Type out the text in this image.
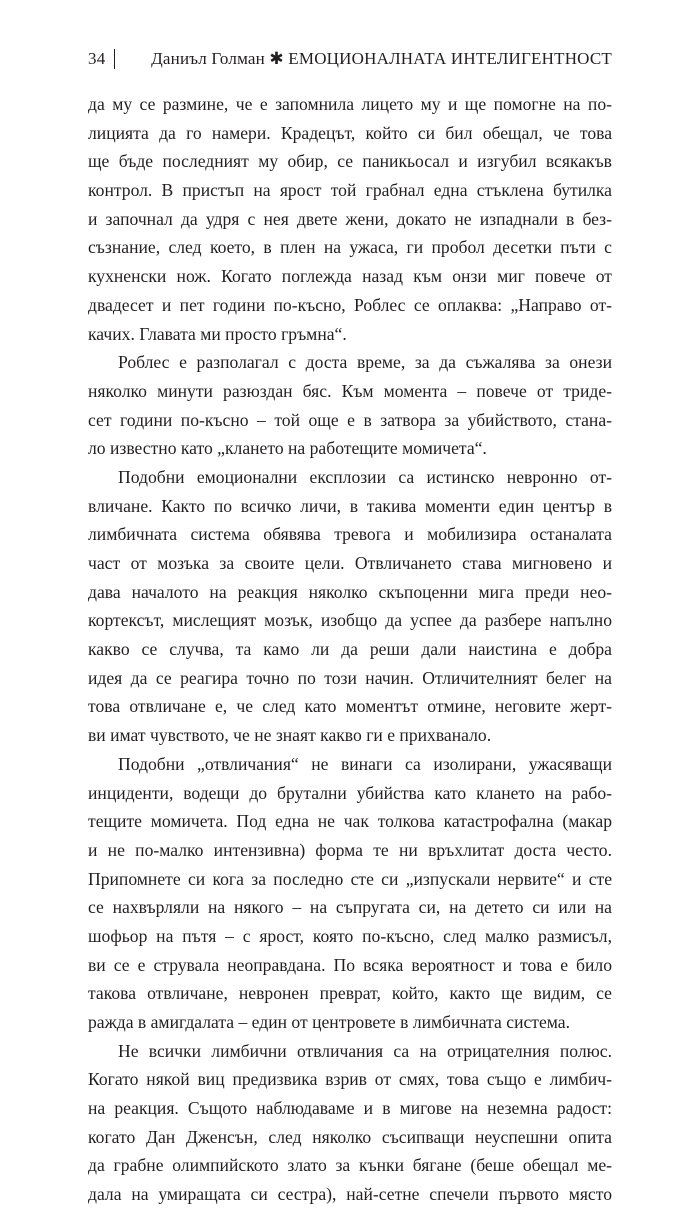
34	Даниъл Голман ✱ ЕМОЦИОНАЛНАТА ИНТЕЛИГЕНТНОСТ
да му се размине, че е запомнила лицето му и ще помогне на по-
лицията да го намери. Крадецът, който си бил обещал, че това
ще бъде последният му обир, се паникьосал и изгубил всякакъв
контрол. В пристъп на ярост той грабнал една стъклена бутилка
и започнал да удря с нея двете жени, докато не изпаднали в без-
съзнание, след което, в плен на ужаса, ги пробол десетки пъти с
кухненски нож. Когато поглежда назад към онзи миг повече от
двадесет и пет години по-късно, Роблес се оплаква: „Направо от-
качих. Главата ми просто гръмна“.
Роблес е разполагал с доста време, за да съжалява за онези
няколко минути разюздан бяс. Към момента – повече от триде-
сет години по-късно – той още е в затвора за убийството, стана-
ло известно като „клането на работещите момичета“.
Подобни емоционални експлозии са истинско невронно от-
вличане. Както по всичко личи, в такива моменти един център в
лимбичната система обявява тревога и мобилизира останалата
част от мозъка за своите цели. Отвличането става мигновено и
дава началото на реакция няколко скъпоценни мига преди нео-
кортексът, мислещият мозък, изобщо да успее да разбере напълно
какво се случва, та камо ли да реши дали наистина е добра
идея да се реагира точно по този начин. Отличителният белег на
това отвличане е, че след като моментът отмине, неговите жерт-
ви имат чувството, че не знаят какво ги е прихванало.
Подобни „отвличания“ не винаги са изолирани, ужасяващи
инциденти, водещи до брутални убийства като клането на рабо-
тещите момичета. Под една не чак толкова катастрофална (макар
и не по-малко интензивна) форма те ни връхлитат доста често.
Припомнете си кога за последно сте си „изпускали нервите“ и сте
се нахвърляли на някого – на съпругата си, на детето си или на
шофьор на пътя – с ярост, която по-късно, след малко размисъл,
ви се е струвала неоправдана. По всяка вероятност и това е било
такова отвличане, невронен преврат, който, както ще видим, се
ражда в амигдалата – един от центровете в лимбичната система.
Не всички лимбични отвличания са на отрицателния полюс.
Когато някой виц предизвика взрив от смях, това също е лимбич-
на реакция. Същото наблюдаваме и в мигове на неземна радост:
когато Дан Дженсън, след няколко съсипващи неуспешни опита
да грабне олимпийското злато за кънки бягане (беше обещал ме-
дала на умиращата си сестра), най-сетне спечели първото място
